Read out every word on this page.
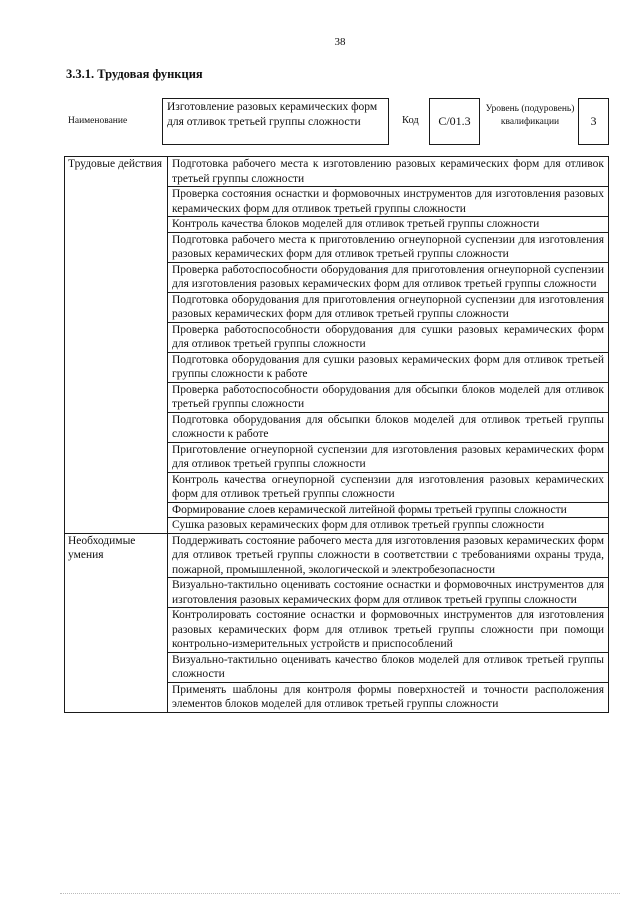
38
3.3.1. Трудовая функция
Наименование
Изготовление разовых керамических форм для отливок третьей группы сложности	Код	C/01.3
Уровень (подуровень) квалификации	3
Трудовые действия	Подготовка рабочего места к изготовлению разовых керамических форм для отливок третьей группы сложности
	Проверка состояния оснастки и формовочных инструментов для изготовления разовых керамических форм для отливок третьей группы сложности
	Контроль качества блоков моделей для отливок третьей группы сложности
	Подготовка рабочего места к приготовлению огнеупорной суспензии для изготовления разовых керамических форм для отливок третьей группы сложности
	Проверка работоспособности оборудования для приготовления огнеупорной суспензии для изготовления разовых керамических форм для отливок третьей группы сложности
	Подготовка оборудования для приготовления огнеупорной суспензии для изготовления разовых керамических форм для отливок третьей группы сложности
	Проверка работоспособности оборудования для сушки разовых керамических форм для отливок третьей группы сложности
	Подготовка оборудования для сушки разовых керамических форм для отливок третьей группы сложности к работе
	Проверка работоспособности оборудования для обсыпки блоков моделей для отливок третьей группы сложности
	Подготовка оборудования для обсыпки блоков моделей для отливок третьей группы сложности к работе
	Приготовление огнеупорной суспензии для изготовления разовых керамических форм для отливок третьей группы сложности
	Контроль качества огнеупорной суспензии для изготовления разовых керамических форм для отливок третьей группы сложности
	Формирование слоев керамической литейной формы третьей группы сложности
	Сушка разовых керамических форм для отливок третьей группы сложности

Необходимые умения	Поддерживать состояние рабочего места для изготовления разовых керамических форм для отливок третьей группы сложности в соответствии с требованиями охраны труда, пожарной, промышленной, экологической и электробезопасности
	Визуально-тактильно оценивать состояние оснастки и формовочных инструментов для изготовления разовых керамических форм для отливок третьей группы сложности
	Контролировать состояние оснастки и формовочных инструментов для изготовления разовых керамических форм для отливок третьей группы сложности при помощи контрольно-измерительных устройств и приспособлений
	Визуально-тактильно оценивать качество блоков моделей для отливок третьей группы сложности
	Применять шаблоны для контроля формы поверхностей и точности расположения элементов блоков моделей для отливок третьей группы сложности
